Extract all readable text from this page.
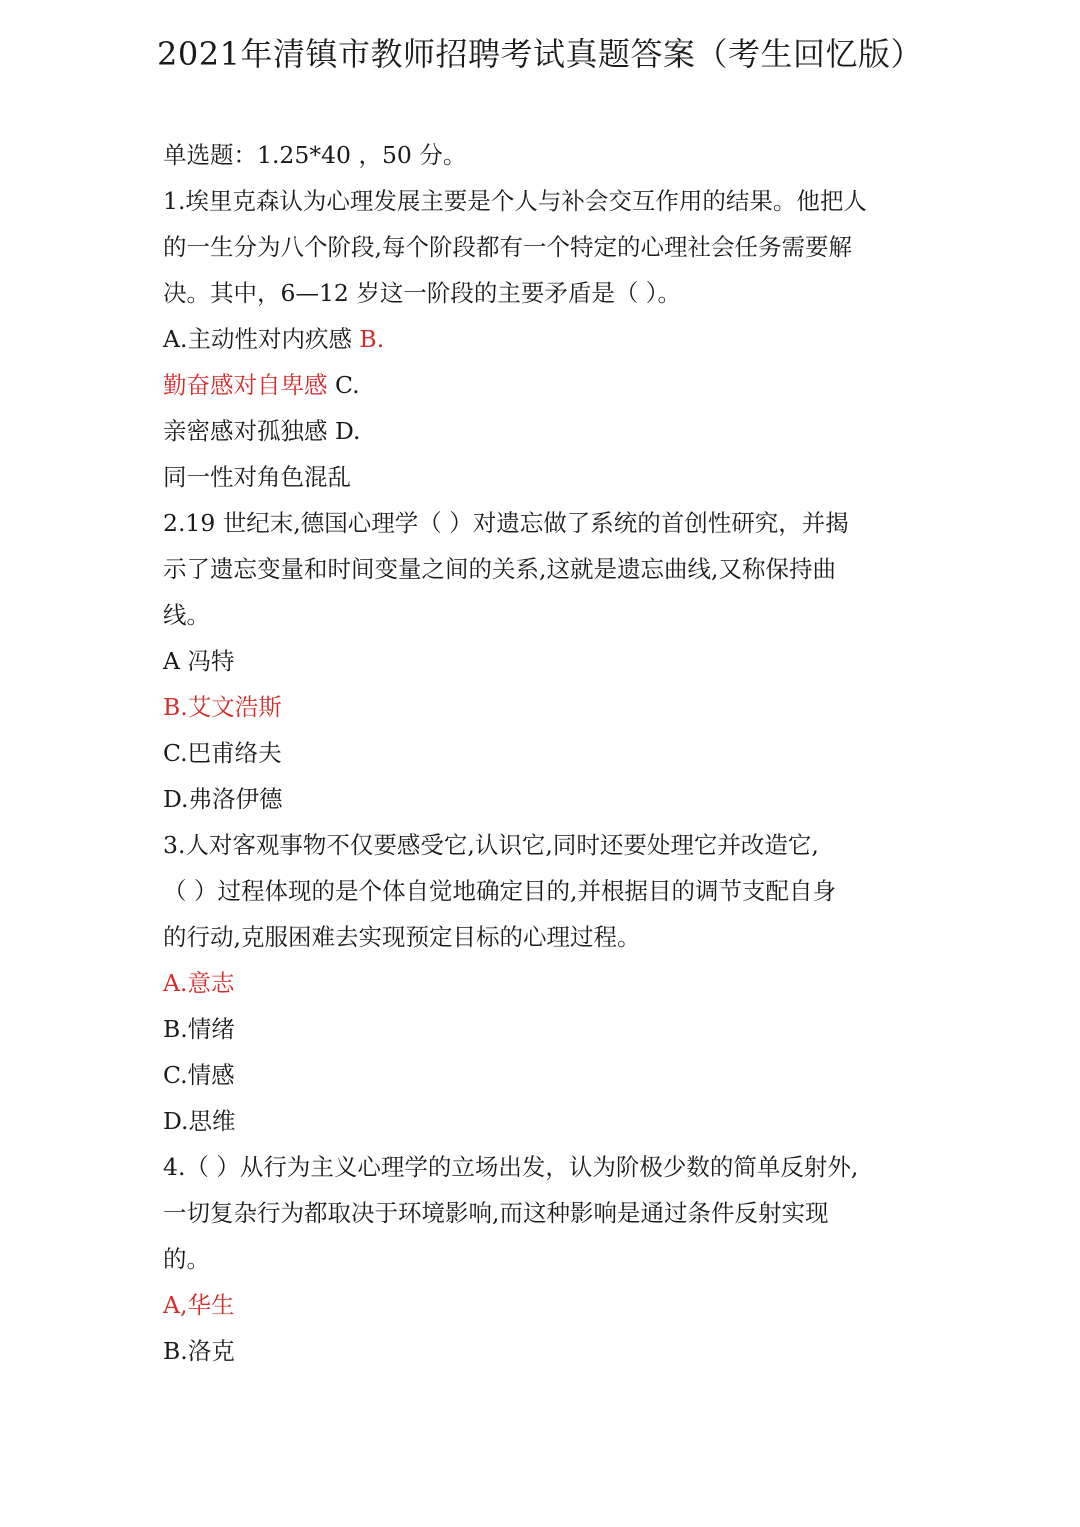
2021年清镇市教师招聘考试真题答案（考生回忆版）
单选题：1.25*40 ，50 分。
1.埃里克森认为心理发展主要是个人与补会交互作用的结果。他把人
的一生分为八个阶段,每个阶段都有一个特定的心理社会任务需要解
决。其中，6—12 岁这一阶段的主要矛盾是（ ）。
A.主动性对内疚感 B.
勤奋感对自卑感 C.
亲密感对孤独感 D.
同一性对角色混乱
2.19 世纪末,德国心理学（ ）对遗忘做了系统的首创性研究，并揭
示了遗忘变量和时间变量之间的关系,这就是遗忘曲线,又称保持曲
线。
A 冯特
B.艾文浩斯
C.巴甫络夫
D.弗洛伊德
3.人对客观事物不仅要感受它,认识它,同时还要处理它并改造它,
（ ）过程体现的是个体自觉地确定目的,并根据目的调节支配自身
的行动,克服困难去实现预定目标的心理过程。
A.意志
B.情绪
C.情感
D.思维
4.（ ）从行为主义心理学的立场出发，认为阶极少数的简单反射外,
一切复杂行为都取决于环境影响,而这种影响是通过条件反射实现
的。
A,华生
B.洛克
